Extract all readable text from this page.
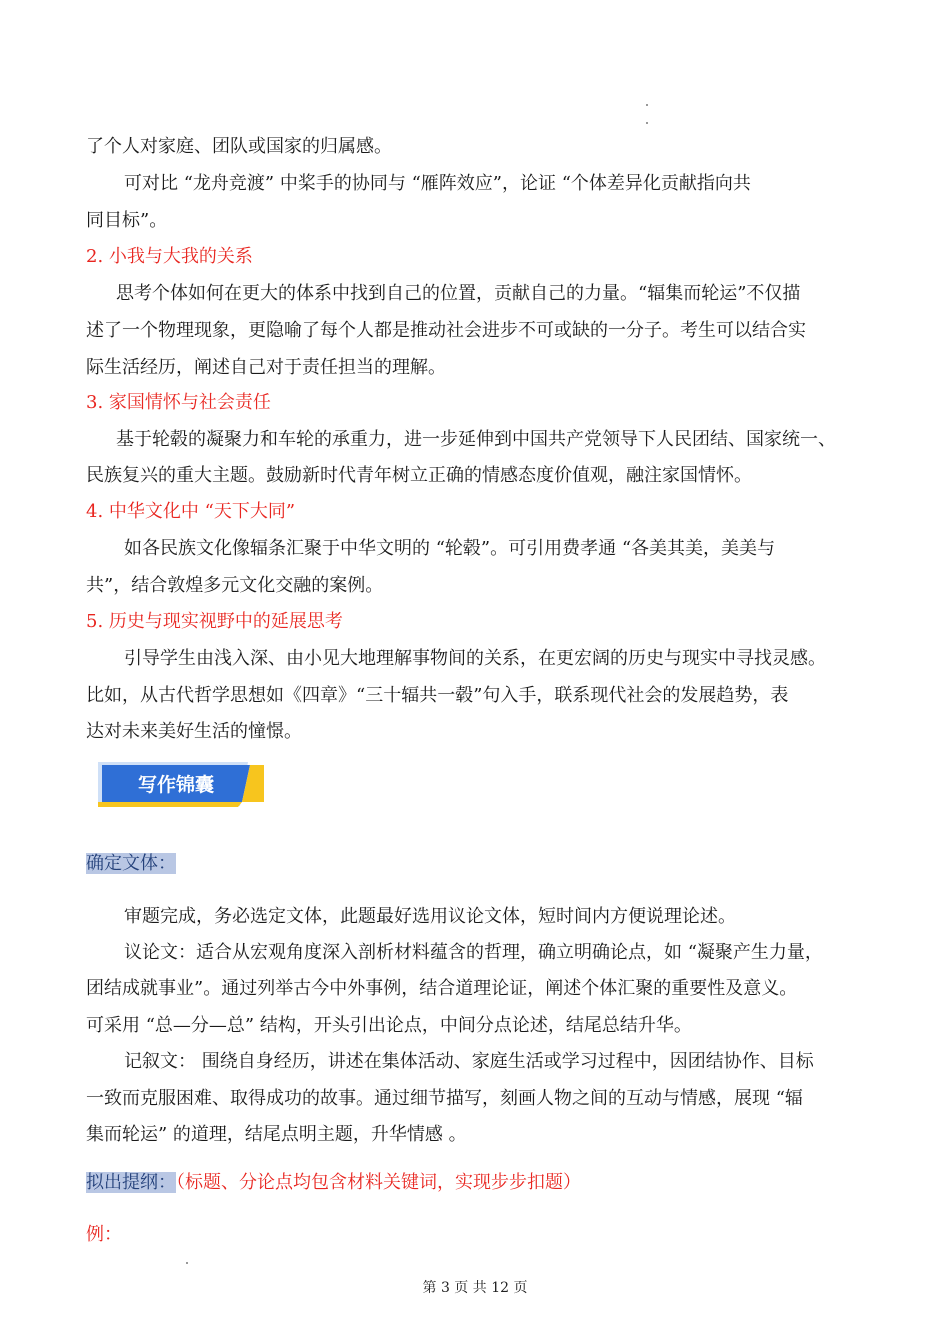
了个人对家庭、团队或国家的归属感。
可对比 “龙舟竞渡” 中桨手的协同与 “雁阵效应”，论证 “个体差异化贡献指向共
同目标”。
2. 小我与大我的关系
思考个体如何在更大的体系中找到自己的位置，贡献自己的力量。“辐集而轮运”不仅描
述了一个物理现象，更隐喻了每个人都是推动社会进步不可或缺的一分子。考生可以结合实
际生活经历，阐述自己对于责任担当的理解。
3. 家国情怀与社会责任
基于轮毂的凝聚力和车轮的承重力，进一步延伸到中国共产党领导下人民团结、国家统一、
民族复兴的重大主题。鼓励新时代青年树立正确的情感态度价值观，融注家国情怀。
4. 中华文化中 “天下大同”
如各民族文化像辐条汇聚于中华文明的 “轮毂”。可引用费孝通 “各美其美，美美与
共”，结合敦煌多元文化交融的案例。
5. 历史与现实视野中的延展思考
引导学生由浅入深、由小见大地理解事物间的关系，在更宏阔的历史与现实中寻找灵感。
比如，从古代哲学思想如《四章》“三十辐共一毂”句入手，联系现代社会的发展趋势，表
达对未来美好生活的憧憬。
写作锦囊
确定文体：
审题完成，务必选定文体，此题最好选用议论文体，短时间内方便说理论述。
议论文：适合从宏观角度深入剖析材料蕴含的哲理，确立明确论点，如 “凝聚产生力量，
团结成就事业”。通过列举古今中外事例，结合道理论证，阐述个体汇聚的重要性及意义。
可采用 “总—分—总” 结构，开头引出论点，中间分点论述，结尾总结升华。
记叙文： 围绕自身经历，讲述在集体活动、家庭生活或学习过程中，因团结协作、目标
一致而克服困难、取得成功的故事。通过细节描写，刻画人物之间的互动与情感，展现 “辐
集而轮运” 的道理，结尾点明主题，升华情感 。
拟出提纲：（标题、分论点均包含材料关键词，实现步步扣题）
例：
第 3 页 共 12 页
